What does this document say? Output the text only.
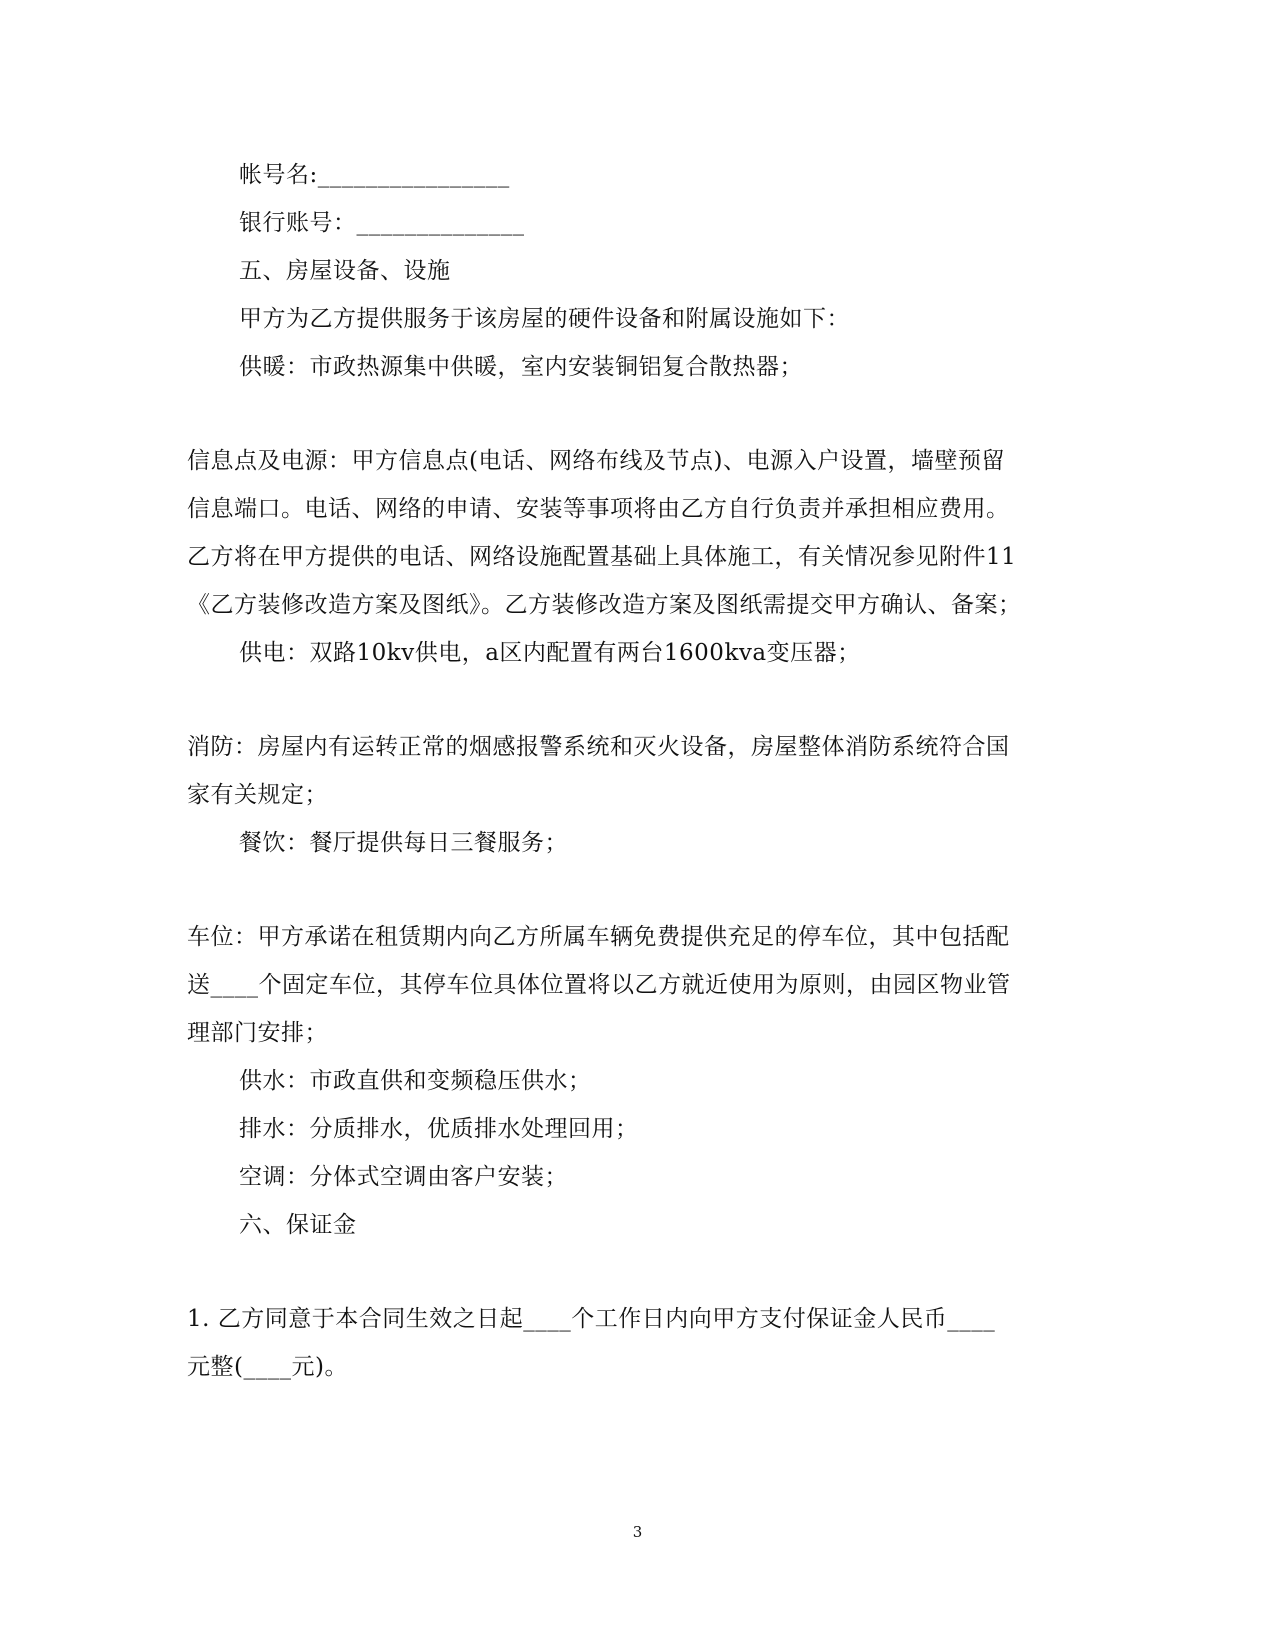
帐号名:________________
银行账号：______________
五、房屋设备、设施
甲方为乙方提供服务于该房屋的硬件设备和附属设施如下：
供暖：市政热源集中供暖，室内安装铜铝复合散热器；
信息点及电源：甲方信息点(电话、网络布线及节点)、电源入户设置，墙壁预留
信息端口。电话、网络的申请、安装等事项将由乙方自行负责并承担相应费用。
乙方将在甲方提供的电话、网络设施配置基础上具体施工，有关情况参见附件11
《乙方装修改造方案及图纸》。乙方装修改造方案及图纸需提交甲方确认、备案；
供电：双路10kv供电，a区内配置有两台1600kva变压器；
消防：房屋内有运转正常的烟感报警系统和灭火设备，房屋整体消防系统符合国
家有关规定；
餐饮：餐厅提供每日三餐服务；
车位：甲方承诺在租赁期内向乙方所属车辆免费提供充足的停车位，其中包括配
送____个固定车位，其停车位具体位置将以乙方就近使用为原则，由园区物业管
理部门安排；
供水：市政直供和变频稳压供水；
排水：分质排水，优质排水处理回用；
空调：分体式空调由客户安装；
六、保证金
1. 乙方同意于本合同生效之日起____个工作日内向甲方支付保证金人民币____
元整(____元)。
3
